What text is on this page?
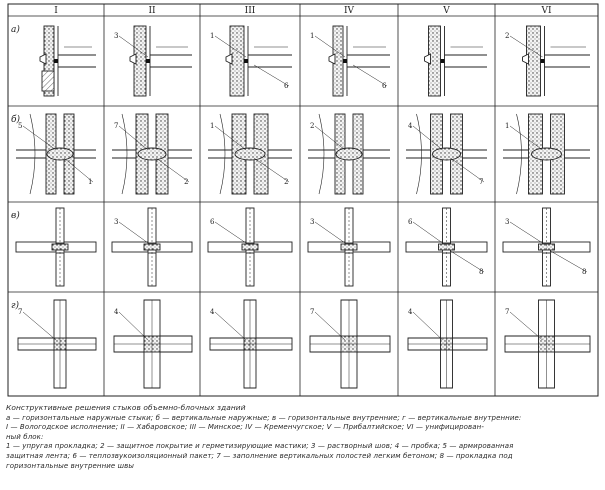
I	II	III	IV	V	VI
a)
б)
в)
г)
3	1
6
1
6
2
5
1
7
2
1
2
2	4
7
1
3	6	3	6
8
3
8
7	4	4	7	4	7
Конструктивные решения стыков объемно-блочных зданий
а — горизонтальные наружные стыки; б — вертикальные наружные; в — горизонтальные внутренние; г — вертикальные внутренние:
I — Вологодское исполнение; II — Хабаровское; III — Минское; IV — Кременчугское; V — Прибалтийское; VI — унифицирован-
ный блок:
1 — упругая прокладка; 2 — защитное покрытие и герметизирующие мастики; 3 — растворный шов; 4 — пробка; 5 — армированная
защитная лента; 6 — теплозвукоизоляционный пакет; 7 — заполнение вертикальных полостей легким бетоном; 8 — прокладка под
горизонтальные внутренние швы
